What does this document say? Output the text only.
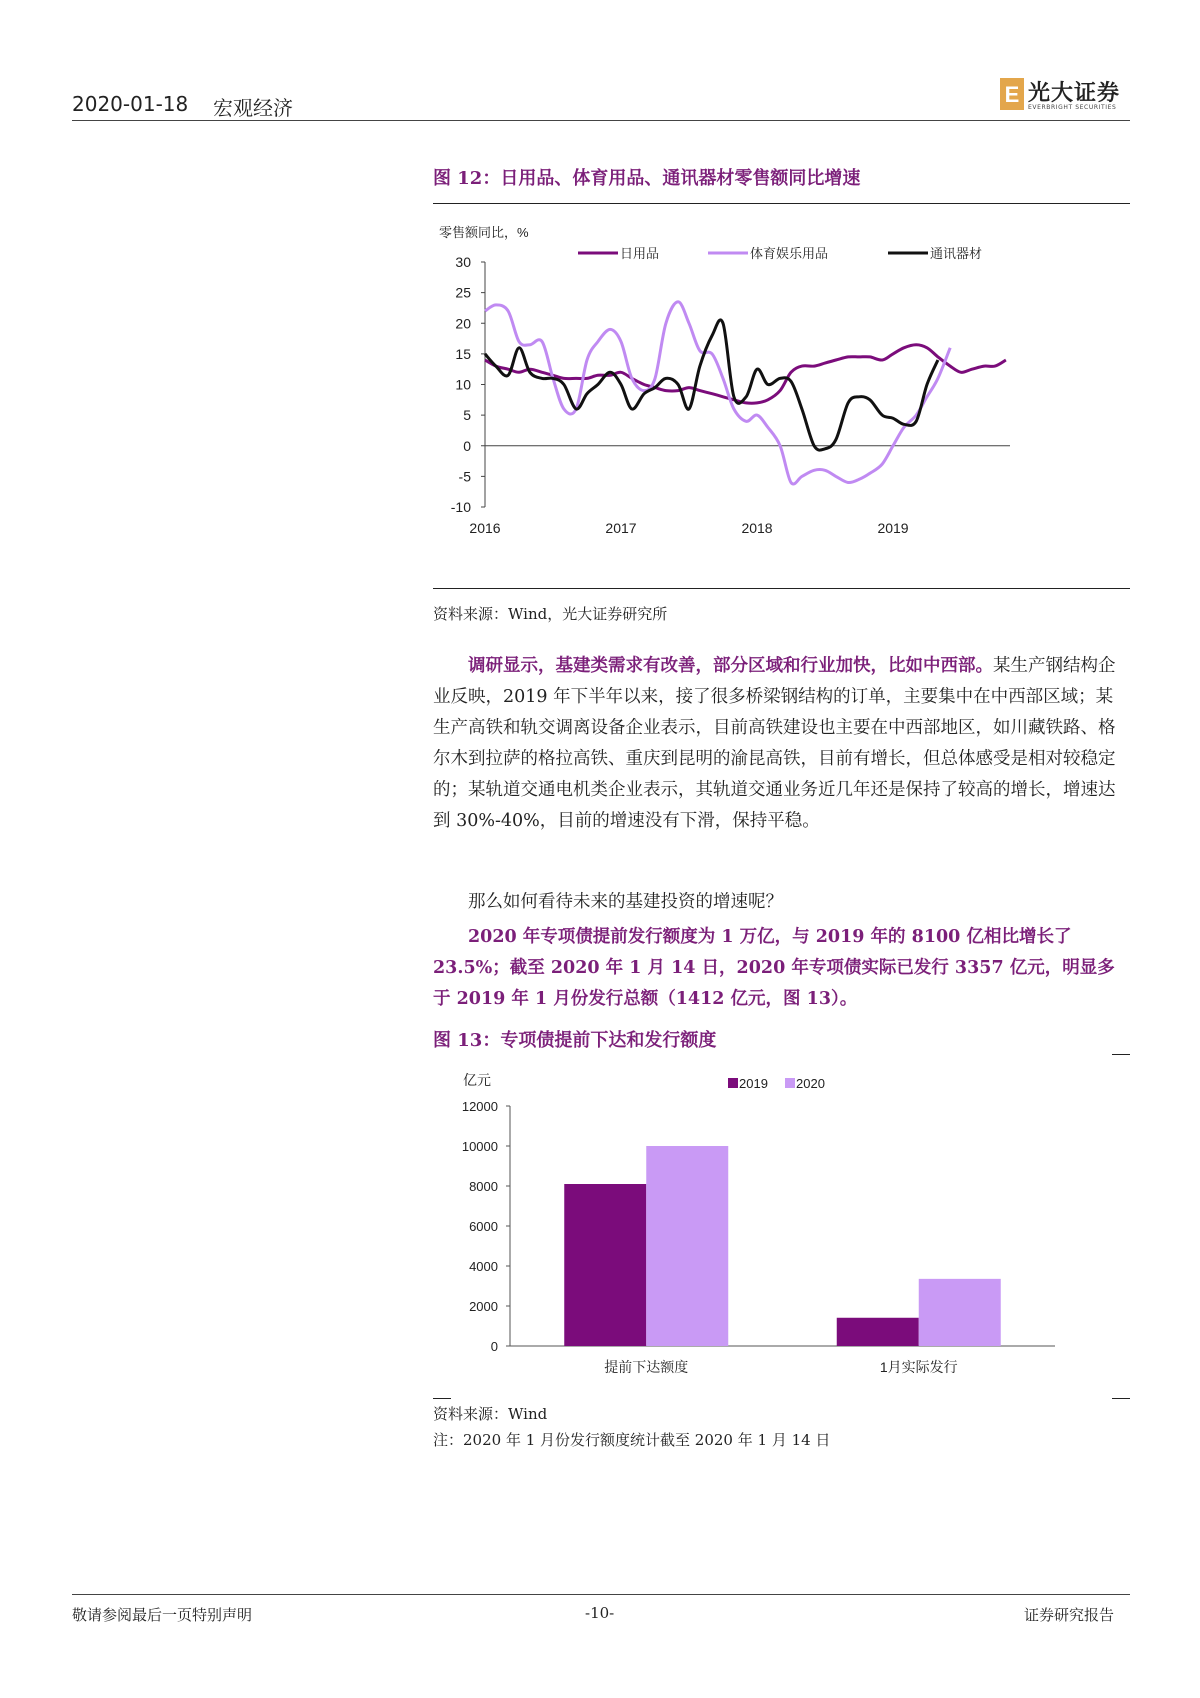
2020-01-18 宏观经济
E 光大证券
EVERBRIGHT SECURITIES
图 12：日用品、体育用品、通讯器材零售额同比增速
零售额同比，%
日用品	体育娱乐用品	通讯器材
30
25
20
15
10
5
0
-5
-10
2016	2017	2018	2019
资料来源：Wind，光大证券研究所
调研显示，基建类需求有改善，部分区域和行业加快，比如中西部。某生产钢结构企业反映，2019 年下半年以来，接了很多桥梁钢结构的订单，主要集中在中西部区域；某生产高铁和轨交调离设备企业表示，目前高铁建设也主要在中西部地区，如川藏铁路、格尔木到拉萨的格拉高铁、重庆到昆明的渝昆高铁，目前有增长，但总体感受是相对较稳定的；某轨道交通电机类企业表示，其轨道交通业务近几年还是保持了较高的增长，增速达到 30%-40%，目前的增速没有下滑，保持平稳。
那么如何看待未来的基建投资的增速呢？
2020 年专项债提前发行额度为 1 万亿，与 2019 年的 8100 亿相比增长了 23.5%；截至 2020 年 1 月 14 日，2020 年专项债实际已发行 3357 亿元，明显多于 2019 年 1 月份发行总额（1412 亿元，图 13）。
图 13：专项债提前下达和发行额度
亿元	2019 2020
12000
10000
8000
6000
4000
2000
0
提前下达额度	1月实际发行
资料来源：Wind
注：2020 年 1 月份发行额度统计截至 2020 年 1 月 14 日
敬请参阅最后一页特别声明	-10-	证券研究报告
